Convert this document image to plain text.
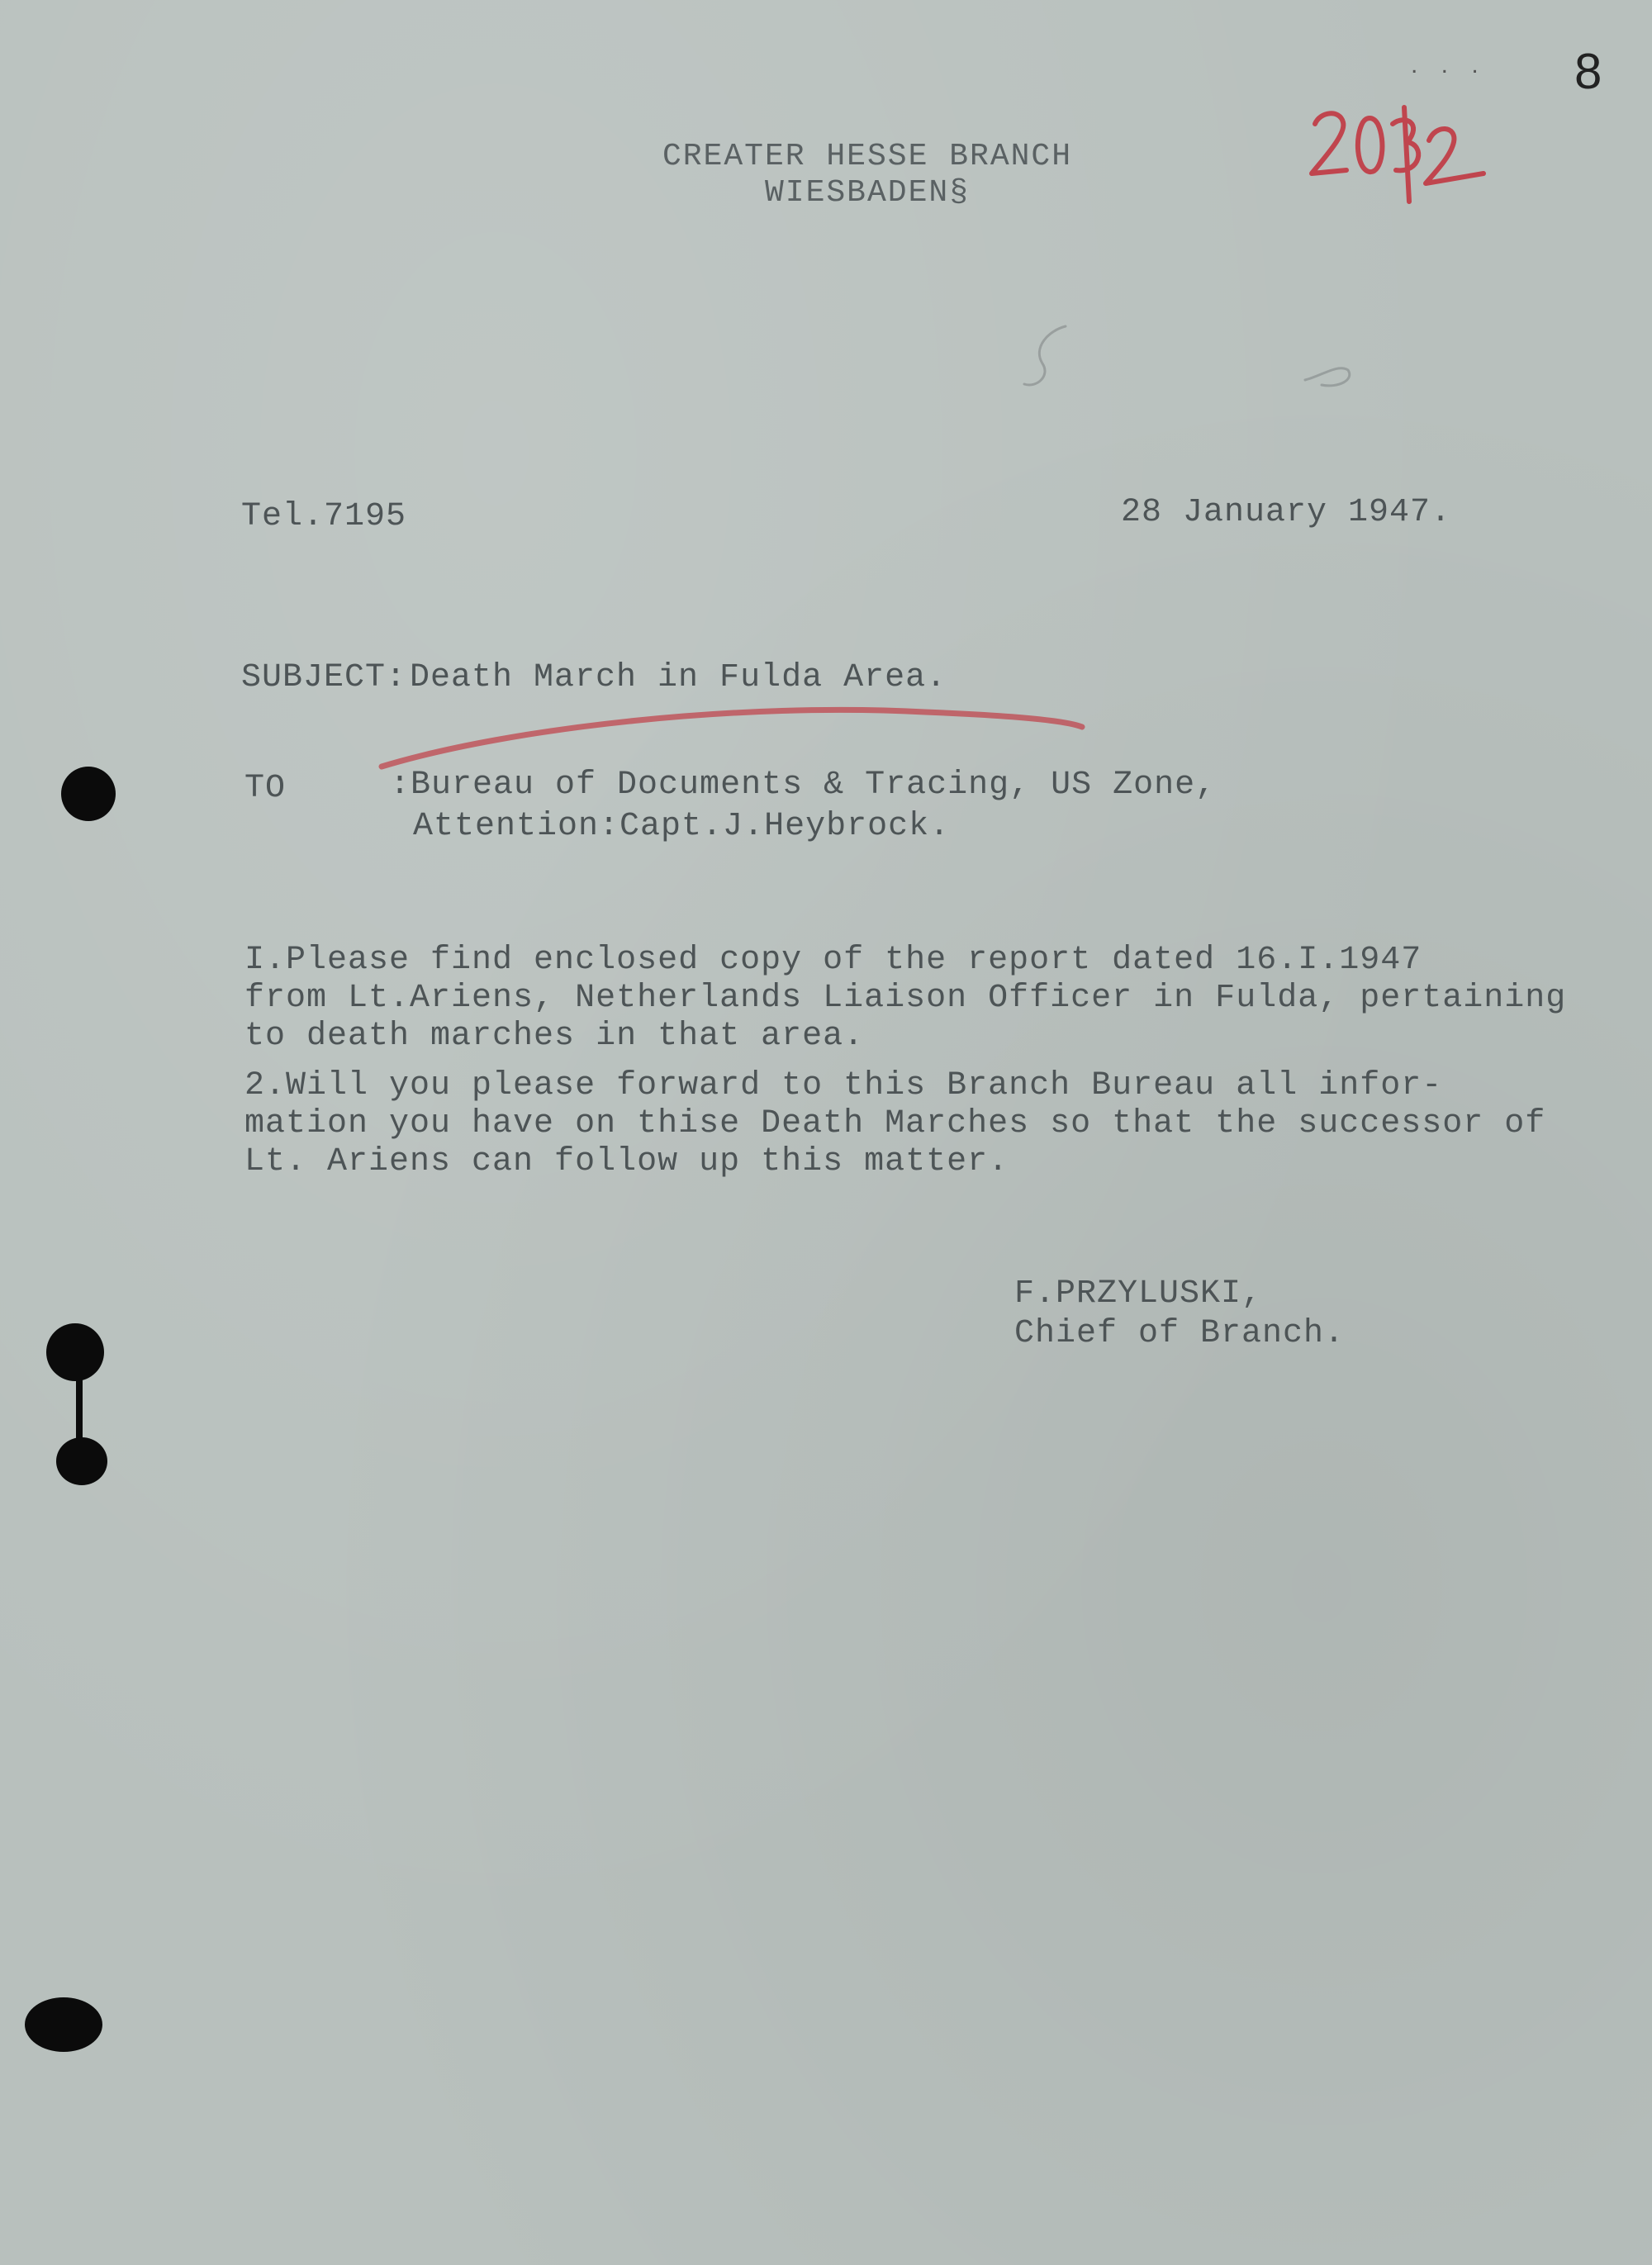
. . . 8
CREATER HESSE BRANCH
WIESBADEN§
Tel.7195	28 January 1947.
SUBJECT: Death March in Fulda Area.
TO	:Bureau of Documents & Tracing, US Zone,
Attention:Capt.J.Heybrock.
I.Please find enclosed copy of the report dated 16.I.1947
from Lt.Ariens, Netherlands Liaison Officer in Fulda, pertaining
to death marches in that area.
2.Will you please forward to this Branch Bureau all infor-
mation you have on thise Death Marches so that the successor of
Lt. Ariens can follow up this matter.
F.PRZYLUSKI,
Chief of Branch.
